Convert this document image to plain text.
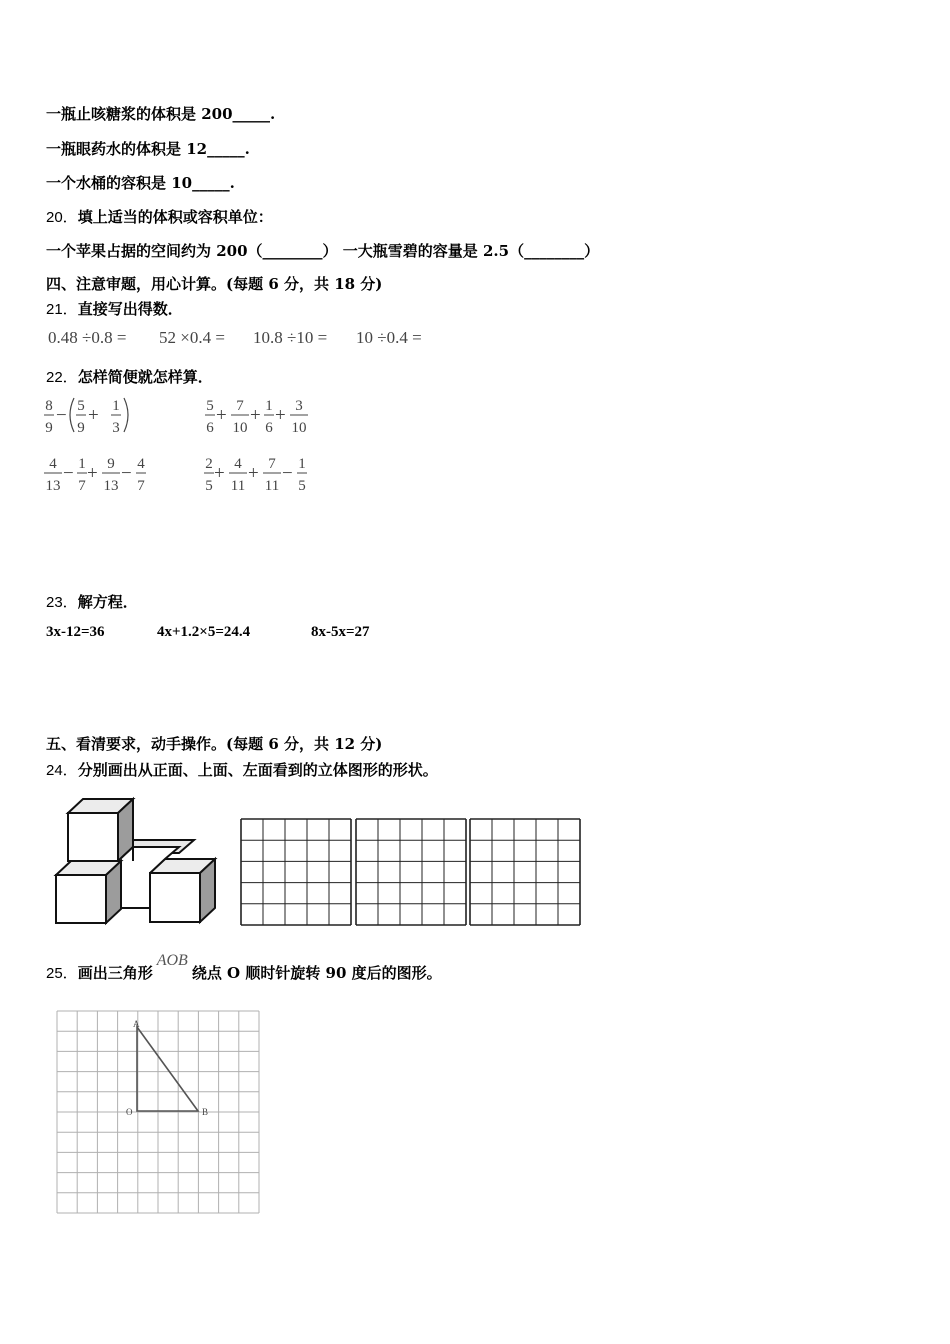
一瓶止咳糖浆的体积是 200_____.
一瓶眼药水的体积是 12_____.
一个水桶的容积是 10_____.
20．填上适当的体积或容积单位：
一个苹果占据的空间约为 200（________） 一大瓶雪碧的容量是 2.5（________）
四、注意审题，用心计算。(每题 6 分，共 18 分)
21．直接写出得数．
0.48 ÷0.8 = 52 ×0.4 = 10.8 ÷10 = 10 ÷0.4 =
22．怎样简便就怎样算．
8
9
− 5
9
+ 1
3
5
6
+ 7
10
+ 1
6
+ 3
10
4
13
− 1
7
+ 9
13
− 4
7
2
5
+ 4
11
+ 7
11
− 1
5
23．解方程．
3x-12=36	4x+1.2×5=24.4	8x-5x=27
五、看清要求，动手操作。(每题 6 分，共 12 分)
24．分别画出从正面、上面、左面看到的立体图形的形状。
25．画出三角形AOB绕点 O 顺时针旋转 90 度后的图形。
A
O	B
